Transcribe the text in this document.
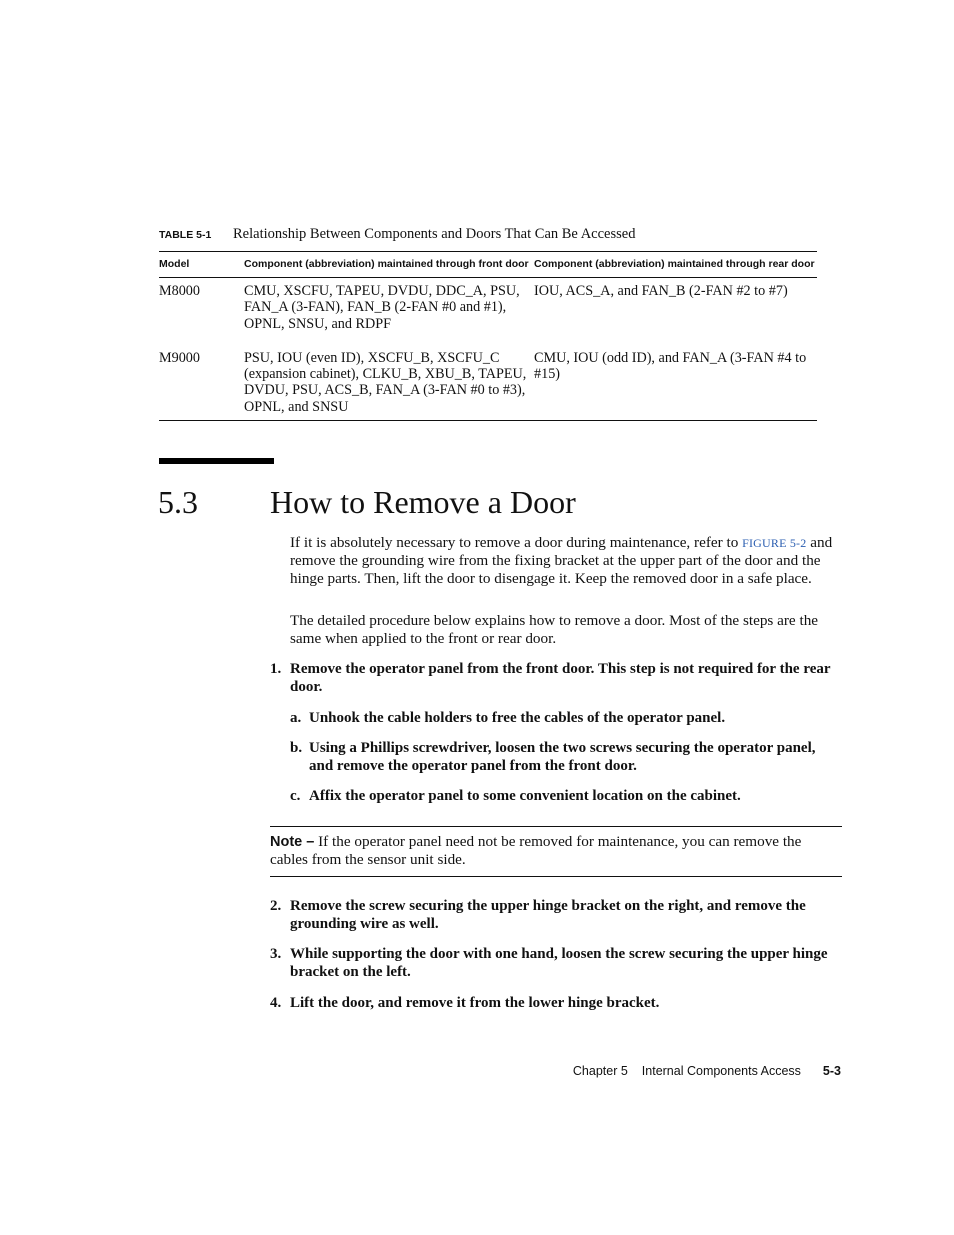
TABLE 5-1 Relationship Between Components and Doors That Can Be Accessed
Model	Component (abbreviation) maintained through front door	Component (abbreviation) maintained through rear door
M8000	CMU, XSCFU, TAPEU, DVDU, DDC_A, PSU, FAN_A (3-FAN), FAN_B (2-FAN #0 and #1), OPNL, SNSU, and RDPF	IOU, ACS_A, and FAN_B (2-FAN #2 to #7)
M9000	PSU, IOU (even ID), XSCFU_B, XSCFU_C (expansion cabinet), CLKU_B, XBU_B, TAPEU, DVDU, PSU, ACS_B, FAN_A (3-FAN #0 to #3), OPNL, and SNSU	CMU, IOU (odd ID), and FAN_A (3-FAN #4 to #15)
5.3 How to Remove a Door

If it is absolutely necessary to remove a door during maintenance, refer to FIGURE 5-2 and remove the grounding wire from the fixing bracket at the upper part of the door and the hinge parts. Then, lift the door to disengage it. Keep the removed door in a safe place.

The detailed procedure below explains how to remove a door. Most of the steps are the same when applied to the front or rear door.

1. Remove the operator panel from the front door. This step is not required for the rear door.
a. Unhook the cable holders to free the cables of the operator panel.
b. Using a Phillips screwdriver, loosen the two screws securing the operator panel, and remove the operator panel from the front door.
c. Affix the operator panel to some convenient location on the cabinet.
Note – If the operator panel need not be removed for maintenance, you can remove the cables from the sensor unit side.
2. Remove the screw securing the upper hinge bracket on the right, and remove the grounding wire as well.
3. While supporting the door with one hand, loosen the screw securing the upper hinge bracket on the left.
4. Lift the door, and remove it from the lower hinge bracket.
Chapter 5 Internal Components Access 5-3
